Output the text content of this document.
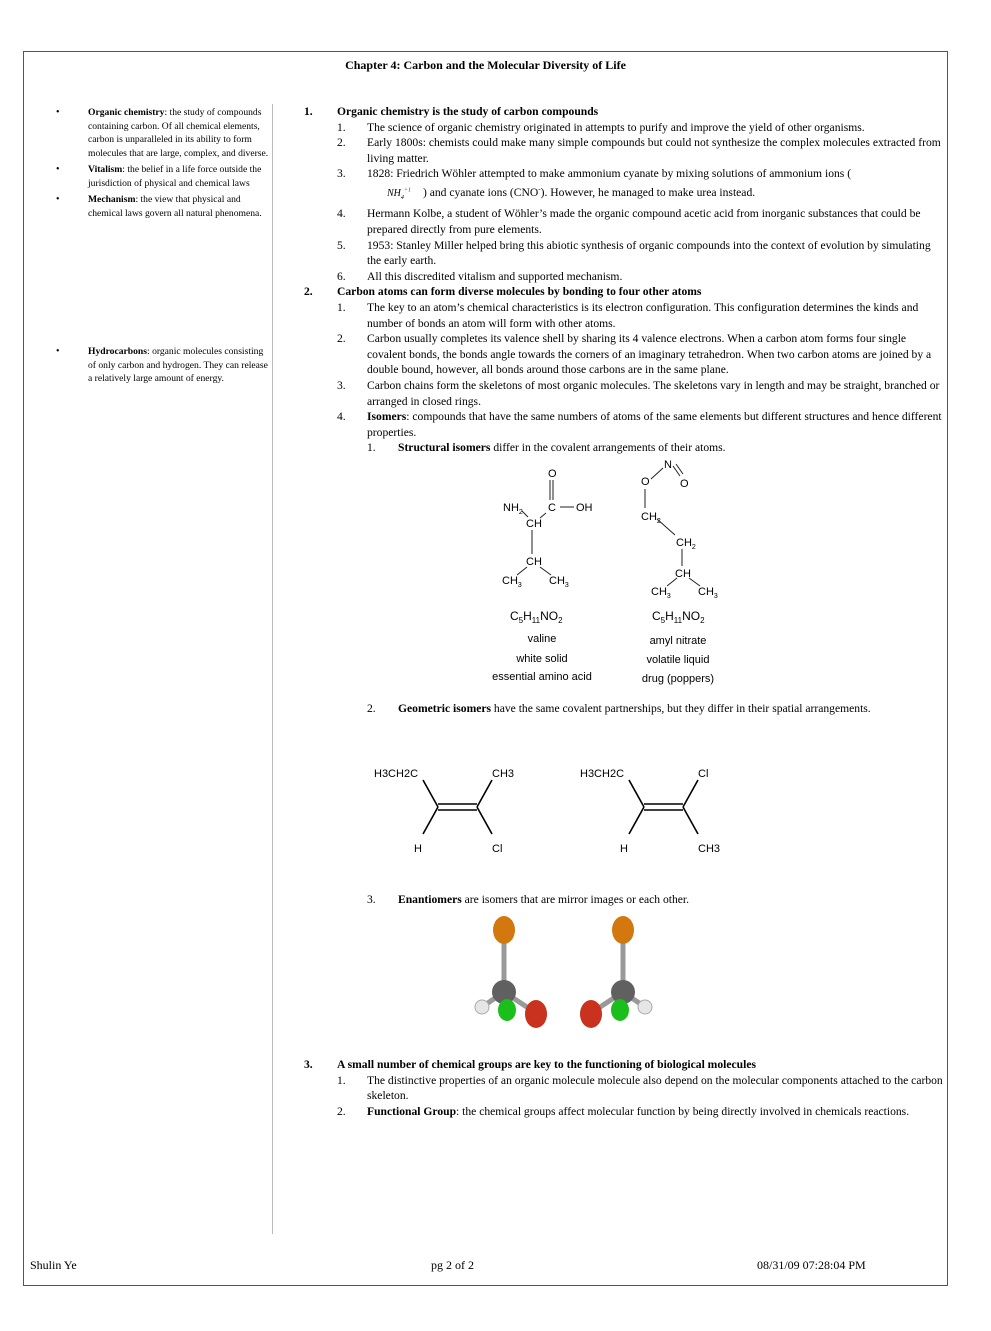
Chapter 4: Carbon and the Molecular Diversity of Life
• Organic chemistry: the study of compounds containing carbon. Of all chemical elements, carbon is unparalleled in its ability to form molecules that are large, complex, and diverse.
• Vitalism: the belief in a life force outside the jurisdiction of physical and chemical laws
• Mechanism: the view that physical and chemical laws govern all natural phenomena.
• Hydrocarbons: organic molecules consisting of only carbon and hydrogen. They can release a relatively large amount of energy.
1. Organic chemistry is the study of carbon compounds
1. The science of organic chemistry originated in attempts to purify and improve the yield of other organisms.
2. Early 1800s: chemists could make many simple compounds but could not synthesize the complex molecules extracted from living matter.
3. 1828: Friedrich Wöhler attempted to make ammonium cyanate by mixing solutions of ammonium ions (
$NH_4^{+1}$ ) and cyanate ions (CNO-). However, he managed to make urea instead.
4. Hermann Kolbe, a student of Wöhler’s made the organic compound acetic acid from inorganic substances that could be prepared directly from pure elements.
5. 1953: Stanley Miller helped bring this abiotic synthesis of organic compounds into the context of evolution by simulating the early earth.
6. All this discredited vitalism and supported mechanism.
2. Carbon atoms can form diverse molecules by bonding to four other atoms
1. The key to an atom’s chemical characteristics is its electron configuration. This configuration determines the kinds and number of bonds an atom will form with other atoms.
2. Carbon usually completes its valence shell by sharing its 4 valence electrons. When a carbon atom forms four single covalent bonds, the bonds angle towards the corners of an imaginary tetrahedron. When two carbon atoms are joined by a double bound, however, all bonds around those carbons are in the same plane.
3. Carbon chains form the skeletons of most organic molecules. The skeletons vary in length and may be straight, branched or arranged in closed rings.
4. Isomers: compounds that have the same numbers of atoms of the same elements but different structures and hence different properties.
1. Structural isomers differ in the covalent arrangements of their atoms.
O
$NH_2$ C OH
CH
CH
$CH_3$ $CH_3$
$C_5H_{11}NO_2$
valine
white solid
essential amino acid
N
O	O
$CH_2$
$CH_2$
CH
$CH_3$ $CH_3$
$C_5H_{11}NO_2$
amyl nitrate
volatile liquid
drug (poppers)
2. Geometric isomers have the same covalent partnerships, but they differ in their spatial arrangements.
H3CH2C	CH3
H	Cl
H3CH2C	Cl
H	CH3
3. Enantiomers are isomers that are mirror images or each other.
3. A small number of chemical groups are key to the functioning of biological molecules
1. The distinctive properties of an organic molecule molecule also depend on the molecular components attached to the carbon skeleton.
2. Functional Group: the chemical groups affect molecular function by being directly involved in chemicals reactions.
Shulin Ye	pg 2 of 2	08/31/09 07:28:04 PM
